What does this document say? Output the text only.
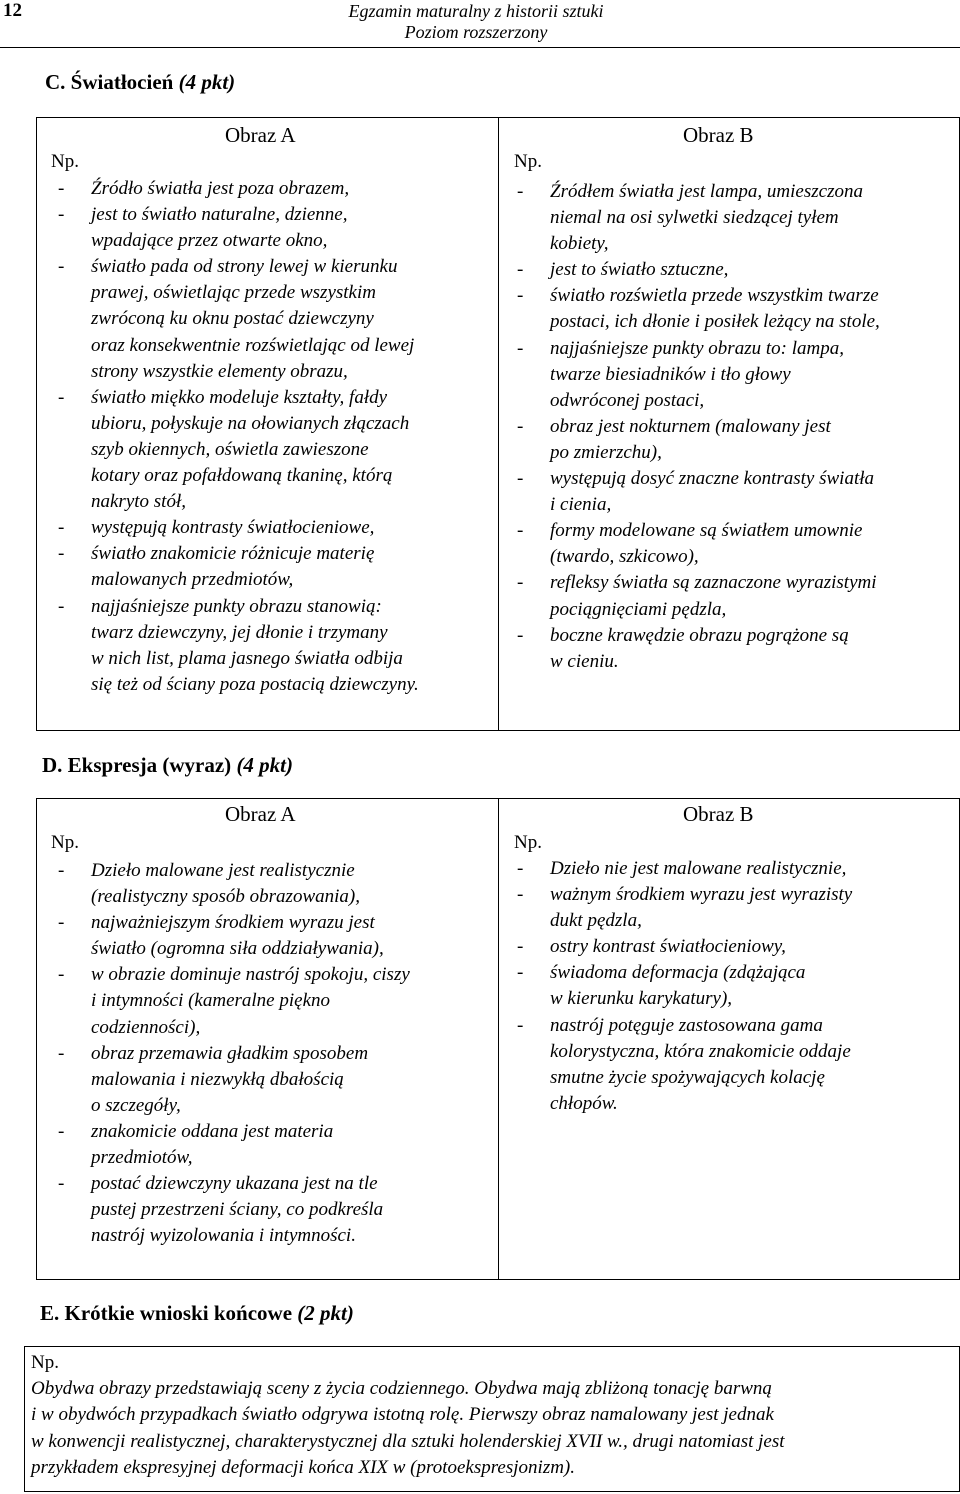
12	Egzamin maturalny z historii sztuki
Poziom rozszerzony
C. Światłocień (4 pkt)
Obraz A
Np.
- Źródło światła jest poza obrazem,
- jest to światło naturalne, dzienne,
wpadające przez otwarte okno,
- światło pada od strony lewej w kierunku
prawej, oświetlając przede wszystkim
zwróconą ku oknu postać dziewczyny
oraz konsekwentnie rozświetlając od lewej
strony wszystkie elementy obrazu,
- światło miękko modeluje kształty, fałdy
ubioru, połyskuje na ołowianych złączach
szyb okiennych, oświetla zawieszone
kotary oraz pofałdowaną tkaninę, którą
nakryto stół,
- występują kontrasty światłocieniowe,
- światło znakomicie różnicuje materię
malowanych przedmiotów,
- najjaśniejsze punkty obrazu stanowią:
twarz dziewczyny, jej dłonie i trzymany
w nich list, plama jasnego światła odbija
się też od ściany poza postacią dziewczyny.
Obraz B
Np.
- Źródłem światła jest lampa, umieszczona
niemal na osi sylwetki siedzącej tyłem
kobiety,
- jest to światło sztuczne,
- światło rozświetla przede wszystkim twarze
postaci, ich dłonie i posiłek leżący na stole,
- najjaśniejsze punkty obrazu to: lampa,
twarze biesiadników i tło głowy
odwróconej postaci,
- obraz jest nokturnem (malowany jest
po zmierzchu),
- występują dosyć znaczne kontrasty światła
i cienia,
- formy modelowane są światłem umownie
(twardo, szkicowo),
- refleksy światła są zaznaczone wyrazistymi
pociągnięciami pędzla,
- boczne krawędzie obrazu pogrążone są
w cieniu.
D. Ekspresja (wyraz) (4 pkt)
Obraz A
Np.
- Dzieło malowane jest realistycznie
(realistyczny sposób obrazowania),
- najważniejszym środkiem wyrazu jest
światło (ogromna siła oddziaływania),
- w obrazie dominuje nastrój spokoju, ciszy
i intymności (kameralne piękno
codzienności),
- obraz przemawia gładkim sposobem
malowania i niezwykłą dbałością
o szczegóły,
- znakomicie oddana jest materia
przedmiotów,
- postać dziewczyny ukazana jest na tle
pustej przestrzeni ściany, co podkreśla
nastrój wyizolowania i intymności.
Obraz B
Np.
- Dzieło nie jest malowane realistycznie,
- ważnym środkiem wyrazu jest wyrazisty
dukt pędzla,
- ostry kontrast światłocieniowy,
- świadoma deformacja (zdążająca
w kierunku karykatury),
- nastrój potęguje zastosowana gama
kolorystyczna, która znakomicie oddaje
smutne życie spożywających kolację
chłopów.
E. Krótkie wnioski końcowe (2 pkt)
Np.
Obydwa obrazy przedstawiają sceny z życia codziennego. Obydwa mają zbliżoną tonację barwną
i w obydwóch przypadkach światło odgrywa istotną rolę. Pierwszy obraz namalowany jest jednak
w konwencji realistycznej, charakterystycznej dla sztuki holenderskiej XVII w., drugi natomiast jest
przykładem ekspresyjnej deformacji końca XIX w (protoekspresjonizm).
